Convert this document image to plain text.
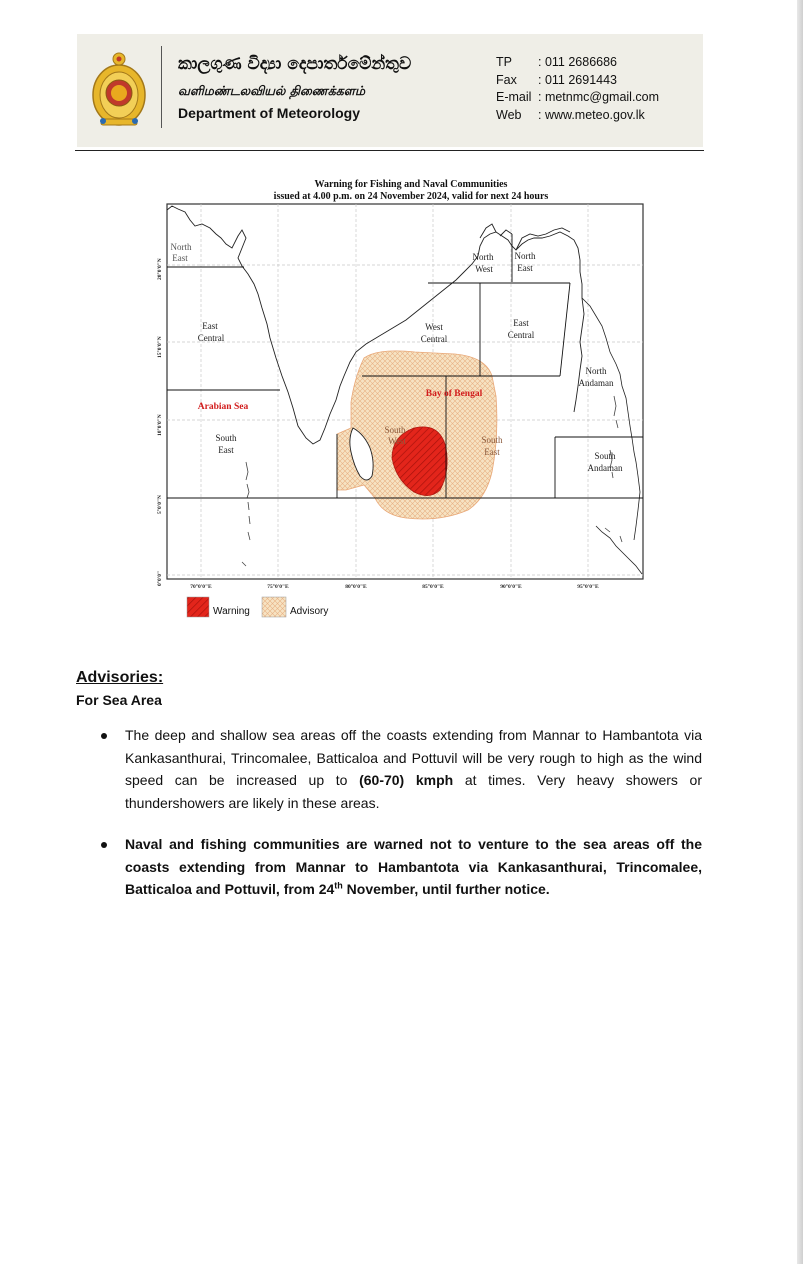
කාලගුණ විද්‍යා දෙපාර්තමේන්තුව
வளிமண்டலவியல் திணைக்களம்
Department of Meteorology
TP	: 011 2686686
Fax	: 011 2691443
E-mail : metnmc@gmail.com
Web	: www.meteo.gov.lk
Warning for Fishing and Naval Communities
issued at 4.00 p.m. on 24 November 2024, valid for next 24 hours
North
East
East
Central
South
East
North
West
North
East
West
Central
East
Central
South
West	South
East
North
Andaman
South
Andaman
Arabian Sea
Bay of Bengal
20°0'0"N
15°0'0"N
10°0'0"N
5°0'0"N
0°0'0"
70°0'0"E	75°0'0"E	80°0'0"E	85°0'0"E	90°0'0"E	95°0'0"E
Warning	Advisory
Advisories:
For Sea Area
The deep and shallow sea areas off the coasts extending from Mannar to Hambantota via Kankasanthurai, Trincomalee, Batticaloa and Pottuvil will be very rough to high as the wind speed can be increased up to (60-70) kmph at times. Very heavy showers or thundershowers are likely in these areas.
Naval and fishing communities are warned not to venture to the sea areas off the coasts extending from Mannar to Hambantota via Kankasanthurai, Trincomalee, Batticaloa and Pottuvil, from 24th November, until further notice.
